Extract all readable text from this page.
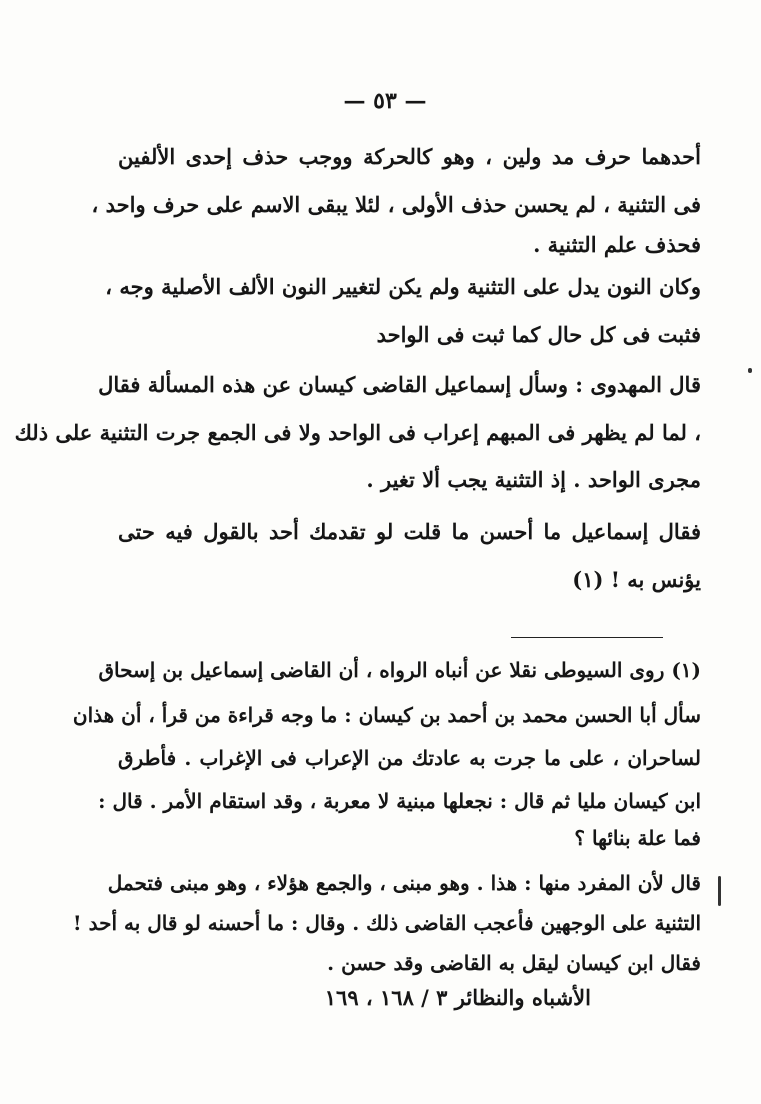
— ٥٣ —
أحدهما حرف مد ولين ، وهو كالحركة ووجب حذف إحدى الألفين
فى التثنية ، لم يحسن حذف الأولى ، لئلا يبقى الاسم على حرف واحد ،
فحذف علم التثنية .
وكان النون يدل على التثنية ولم يكن لتغيير النون الألف الأصلية وجه ،
فثبت فى كل حال كما ثبت فى الواحد
قال المهدوى : وسأل إسماعيل القاضى كيسان عن هذه المسألة فقال
، لما لم يظهر فى المبهم إعراب فى الواحد ولا فى الجمع جرت التثنية على ذلك
مجرى الواحد . إذ التثنية يجب ألا تغير .
فقال إسماعيل ما أحسن ما قلت لو تقدمك أحد بالقول فيه حتى
يؤنس به ! (١)
(١) روى السيوطى نقلا عن أنباه الرواه ، أن القاضى إسماعيل بن إسحاق
سأل أبا الحسن محمد بن أحمد بن كيسان : ما وجه قراءة من قرأ ، أن هذان
لساحران ، على ما جرت به عادتك من الإعراب فى الإغراب . فأطرق
ابن كيسان مليا ثم قال : نجعلها مبنية لا معربة ، وقد استقام الأمر . قال :
فما علة بنائها ؟
قال لأن المفرد منها : هذا . وهو مبنى ، والجمع هؤلاء ، وهو مبنى فتحمل
التثنية على الوجهين فأعجب القاضى ذلك . وقال : ما أحسنه لو قال به أحد !
فقال ابن كيسان ليقل به القاضى وقد حسن .
الأشباه والنظائر ٣ / ١٦٨ ، ١٦٩
